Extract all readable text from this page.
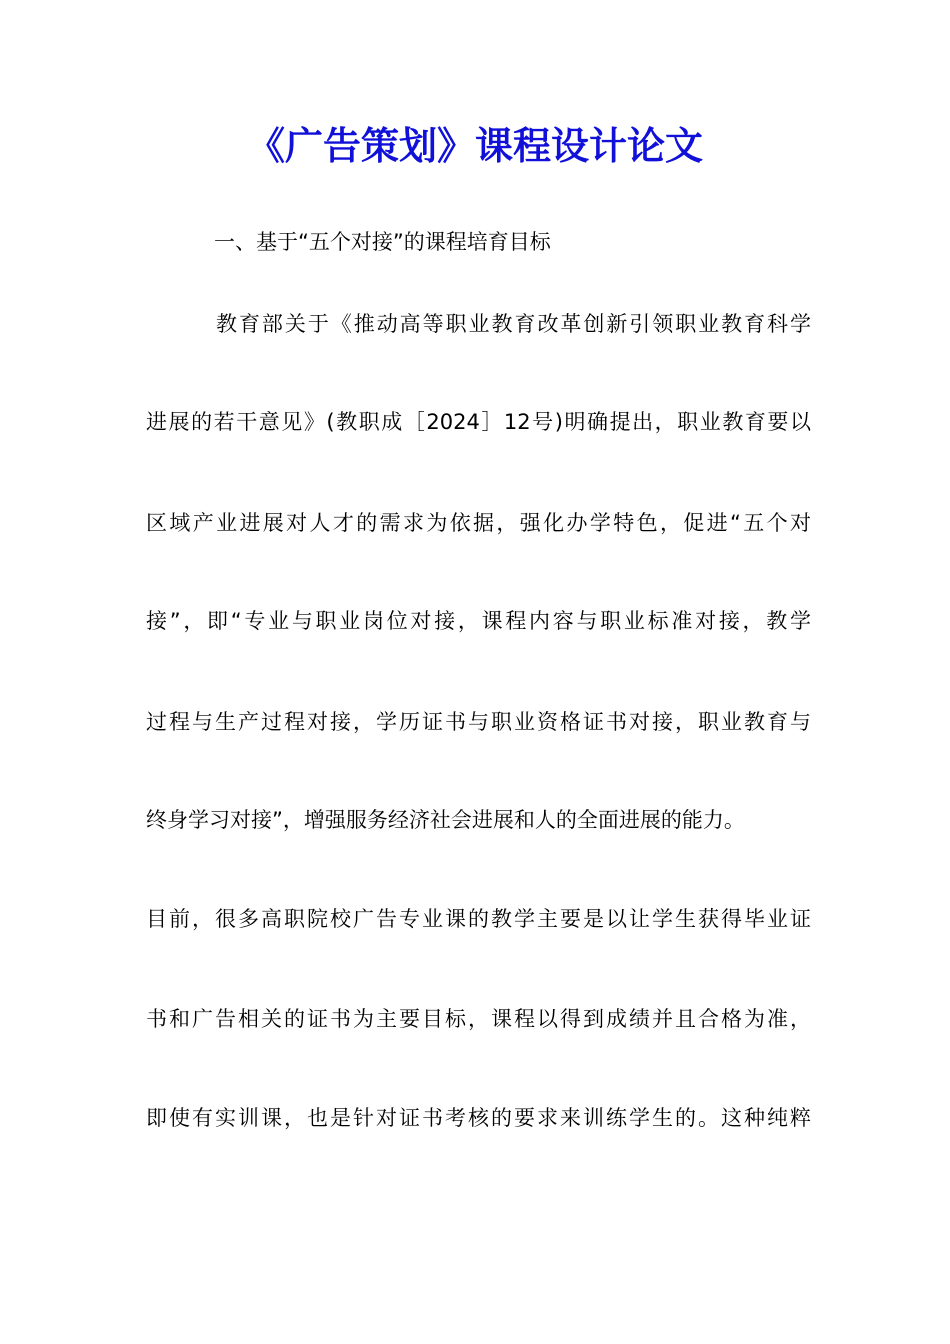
《广告策划》课程设计论文
一、基于“五个对接”的课程培育目标
教育部关于《推动高等职业教育改革创新引领职业教育科学
进展的若干意见》(教职成［2024］12号)明确提出，职业教育要以
区域产业进展对人才的需求为依据，强化办学特色，促进“五个对
接”，即“专业与职业岗位对接，课程内容与职业标准对接，教学
过程与生产过程对接，学历证书与职业资格证书对接，职业教育与
终身学习对接”，增强服务经济社会进展和人的全面进展的能力。
目前，很多高职院校广告专业课的教学主要是以让学生获得毕业证
书和广告相关的证书为主要目标，课程以得到成绩并且合格为准，
即使有实训课，也是针对证书考核的要求来训练学生的。这种纯粹
